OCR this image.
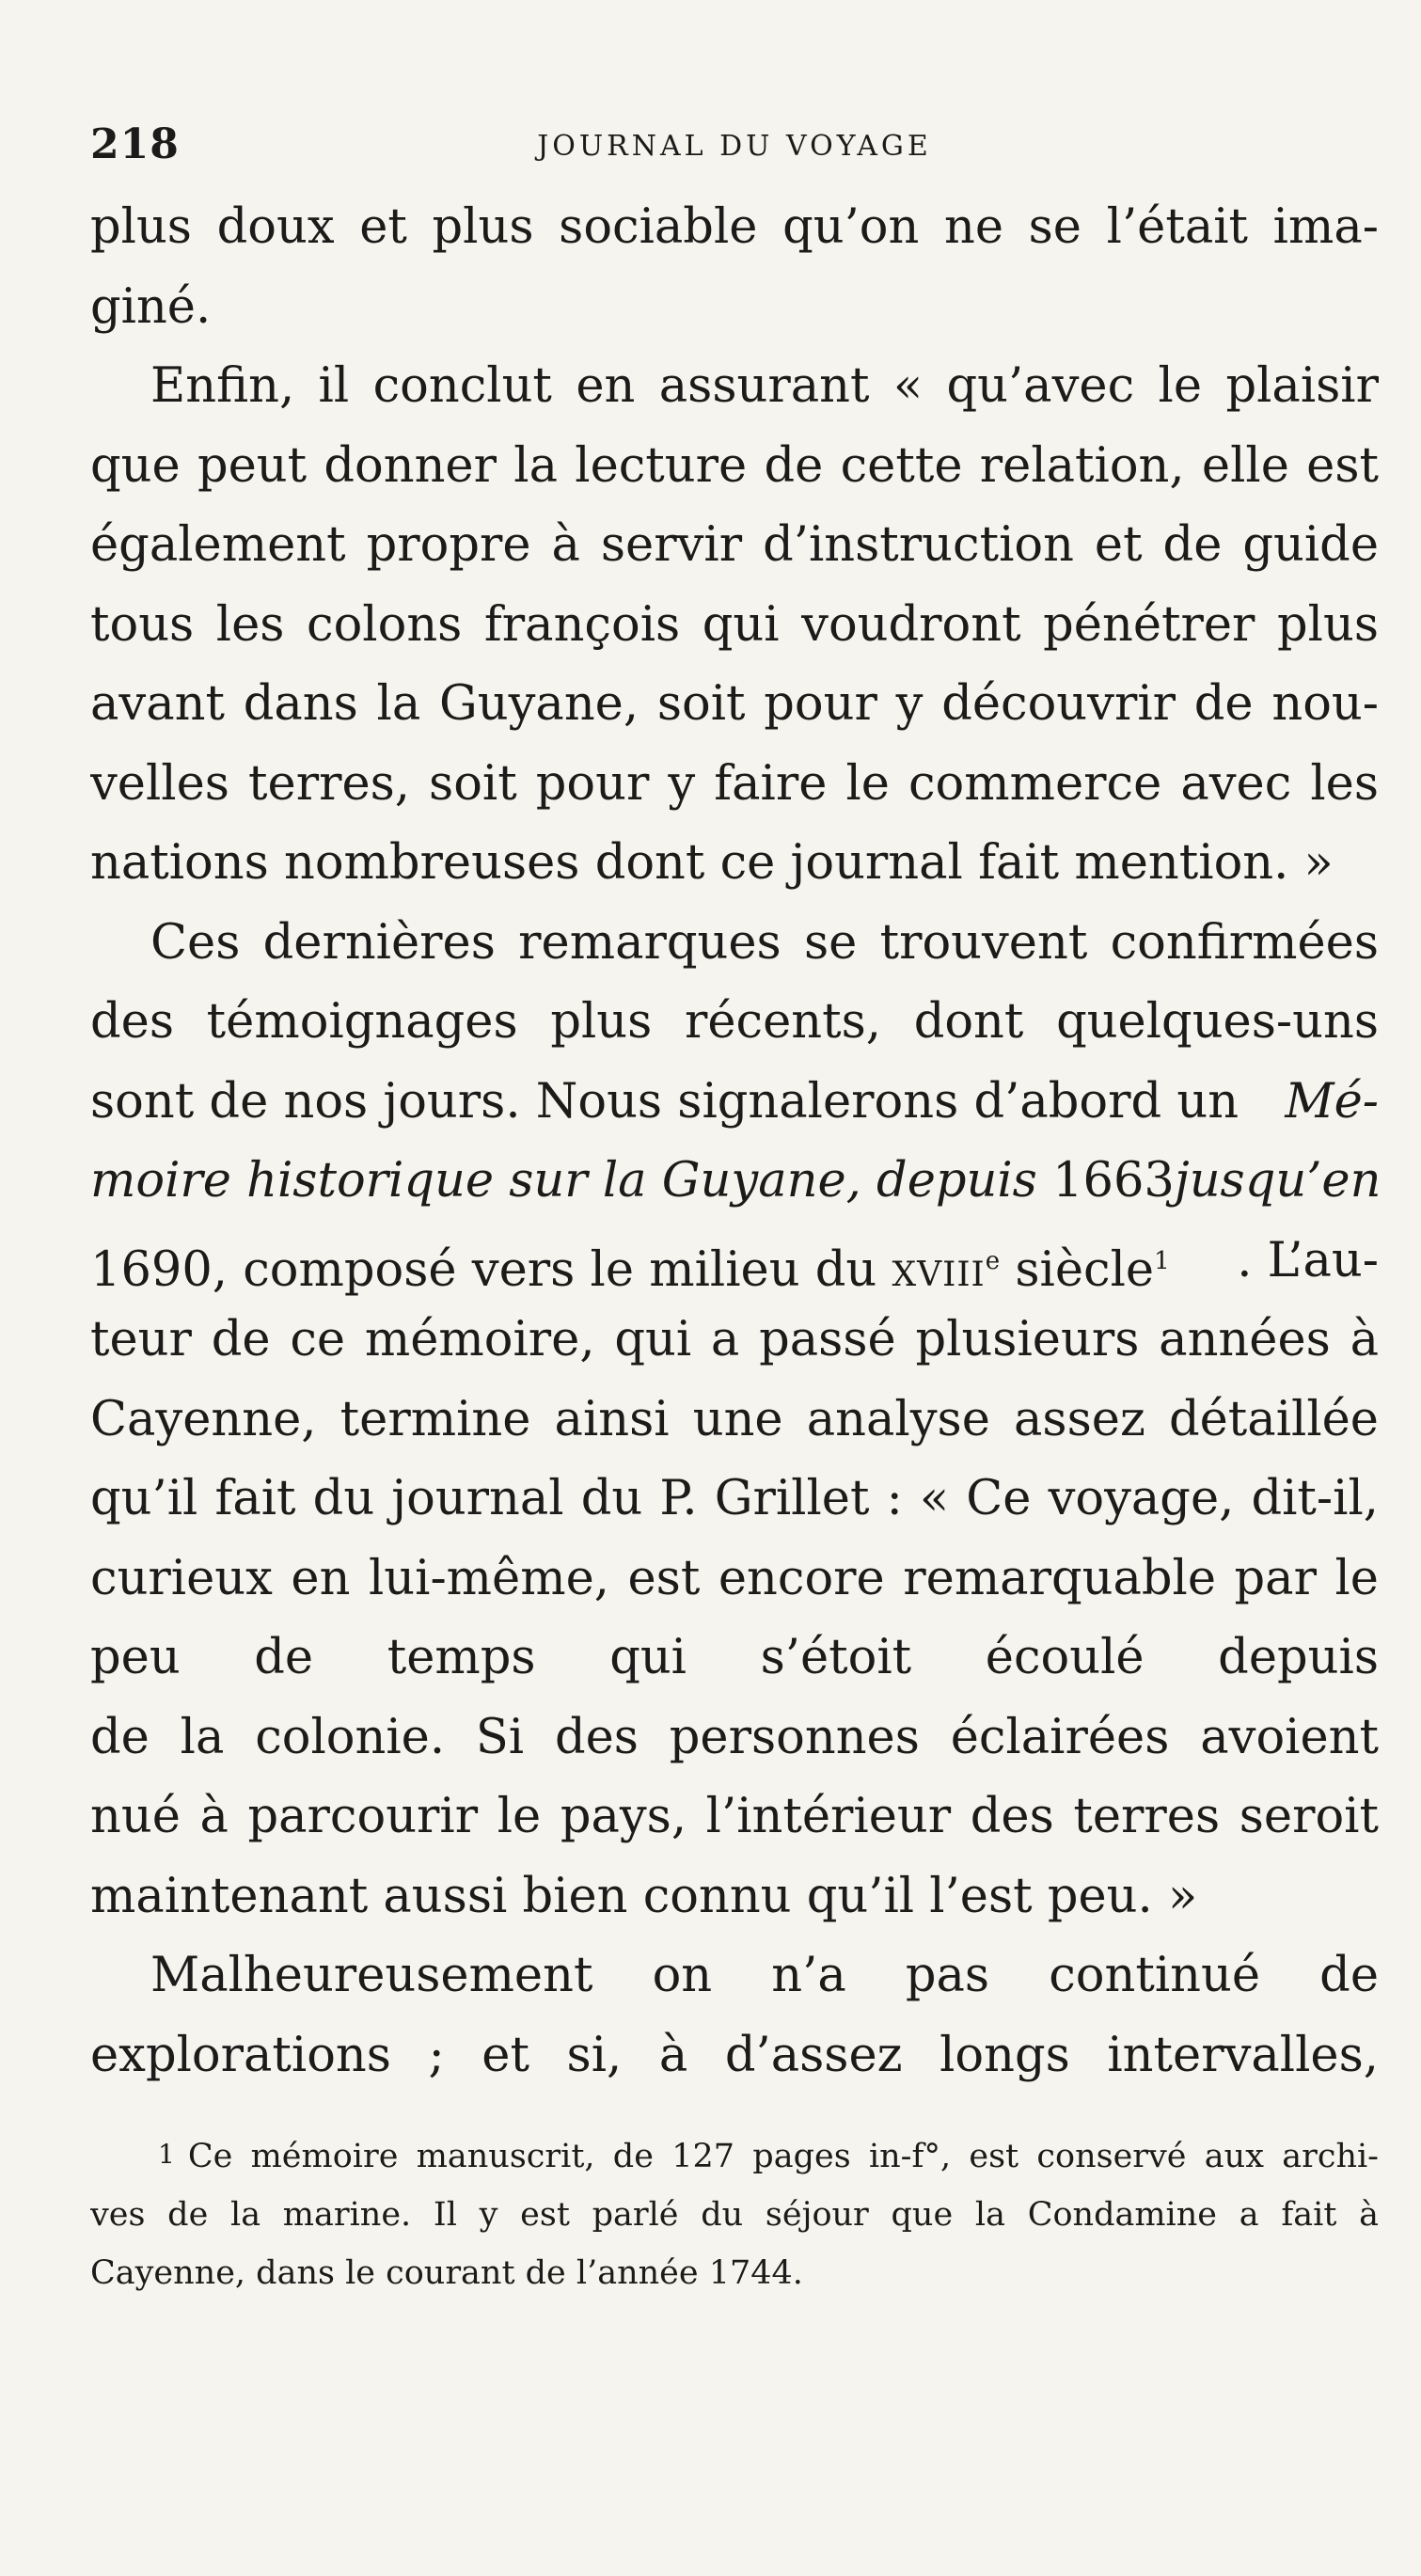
218	JOURNAL DU VOYAGE
plus doux et plus sociable qu’on ne se l’était ima-
giné.
Enfin, il conclut en assurant « qu’avec le plaisir
que peut donner la lecture de cette relation, elle est
également propre à servir d’instruction et de guide
tous les colons françois qui voudront pénétrer plus
avant dans la Guyane, soit pour y découvrir de nou-
velles terres, soit pour y faire le commerce avec les
nations nombreuses dont ce journal fait mention. »
Ces dernières remarques se trouvent confirmées
des témoignages plus récents, dont quelques-uns
sont de nos jours. Nous signalerons d’abord un Mé-
moire historique sur la Guyane, depuis 1663 jusqu’en
1690, composé vers le milieu du xviii$^e$ siècle$^1$ . L’au-
teur de ce mémoire, qui a passé plusieurs années à
Cayenne, termine ainsi une analyse assez détaillée
qu’il fait du journal du P. Grillet : « Ce voyage, dit-il,
curieux en lui-même, est encore remarquable par le
peu de temps qui s’étoit écoulé depuis
de la colonie. Si des personnes éclairées avoient
nué à parcourir le pays, l’intérieur des terres seroit
maintenant aussi bien connu qu’il l’est peu. »
Malheureusement on n’a pas continué de
explorations ; et si, à d’assez longs intervalles,
1 Ce mémoire manuscrit, de 127 pages in-f°, est conservé aux archi-
ves de la marine. Il y est parlé du séjour que la Condamine a fait à
Cayenne, dans le courant de l’année 1744.
